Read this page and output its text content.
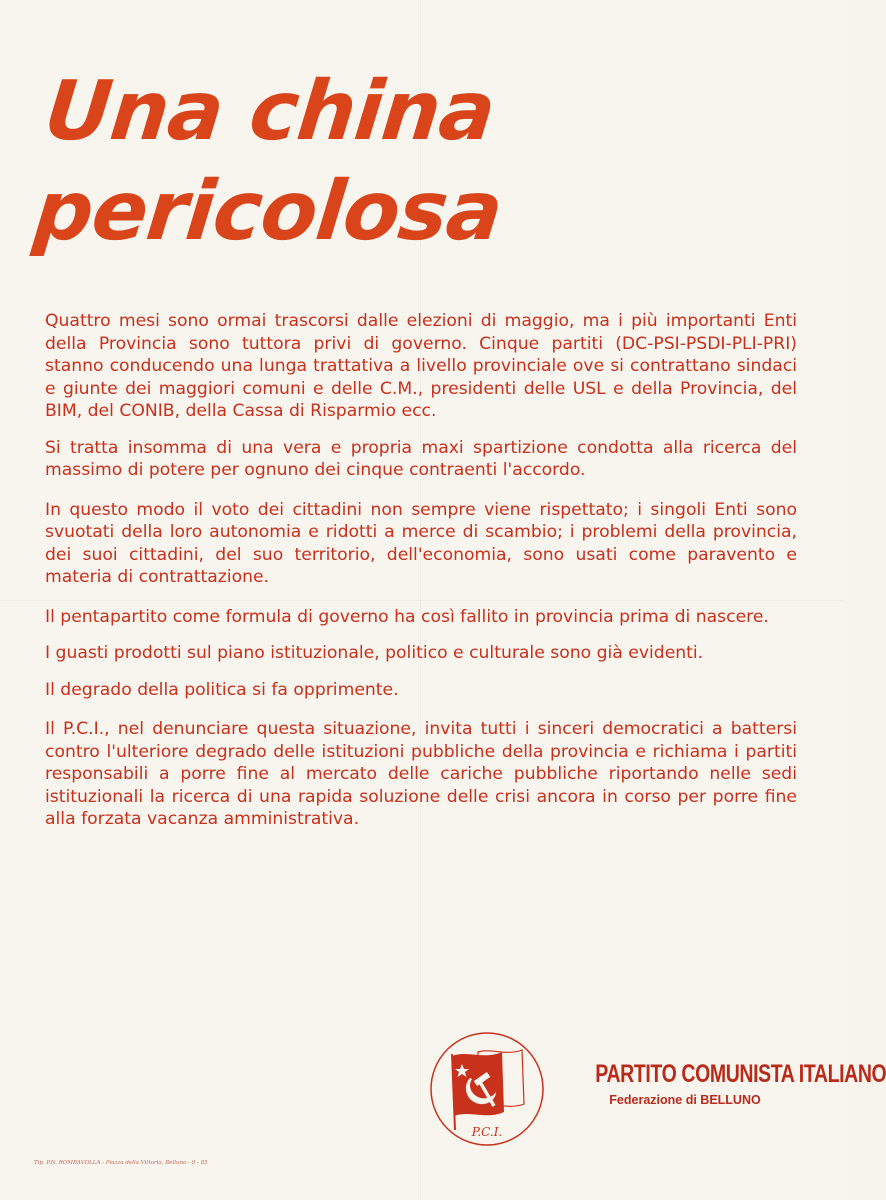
Una china
pericolosa

Quattro mesi sono ormai trascorsi dalle elezioni di maggio, ma i più importanti Enti della Provincia sono tuttora privi di governo. Cinque partiti (DC-PSI-PSDI-PLI-PRI) stanno conducendo una lunga trattativa a livello provinciale ove si contrattano sindaci e giunte dei maggiori comuni e delle C.M., presidenti delle USL e della Provincia, del BIM, del CONIB, della Cassa di Risparmio ecc.

Si tratta insomma di una vera e propria maxi spartizione condotta alla ricerca del massimo di potere per ognuno dei cinque contraenti l'accordo.

In questo modo il voto dei cittadini non sempre viene rispettato; i singoli Enti sono svuotati della loro autonomia e ridotti a merce di scambio; i problemi della provincia, dei suoi cittadini, del suo territorio, dell'economia, sono usati come paravento e materia di contrattazione.

Il pentapartito come formula di governo ha così fallito in provincia prima di nascere.

I guasti prodotti sul piano istituzionale, politico e culturale sono già evidenti.

Il degrado della politica si fa opprimente.

Il P.C.I., nel denunciare questa situazione, invita tutti i sinceri democratici a battersi contro l'ulteriore degrado delle istituzioni pubbliche della provincia e richiama i partiti responsabili a porre fine al mercato delle cariche pubbliche riportando nelle sedi istituzionali la ricerca di una rapida soluzione delle crisi ancora in corso per porre fine alla forzata vacanza amministrativa.

P.C.I.
PARTITO COMUNISTA ITALIANO
Federazione di BELLUNO
Tip. P.N. ROMBAVOLLA - Piazza della Vittoria, Belluno - 9 - 85
